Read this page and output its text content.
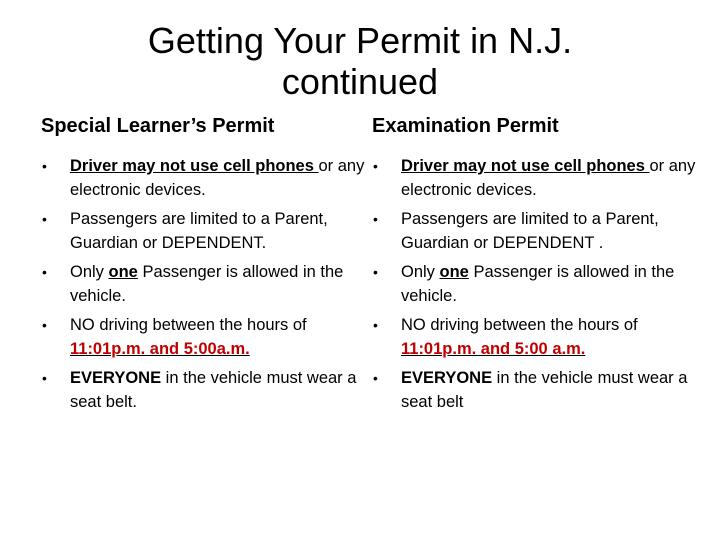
Getting Your Permit in N.J.
continued
Special Learner’s Permit
• Driver may not use cell phones or any electronic devices.
• Passengers are limited to a Parent, Guardian or DEPENDENT.
• Only one Passenger is allowed in the vehicle.
• NO driving between the hours of 11:01p.m. and 5:00a.m.
• EVERYONE in the vehicle must wear a seat belt.
Examination Permit
• Driver may not use cell phones or any electronic devices.
• Passengers are limited to a Parent, Guardian or DEPENDENT .
• Only one Passenger is allowed in the vehicle.
• NO driving between the hours of 11:01p.m. and 5:00 a.m.
• EVERYONE in the vehicle must wear a seat belt
